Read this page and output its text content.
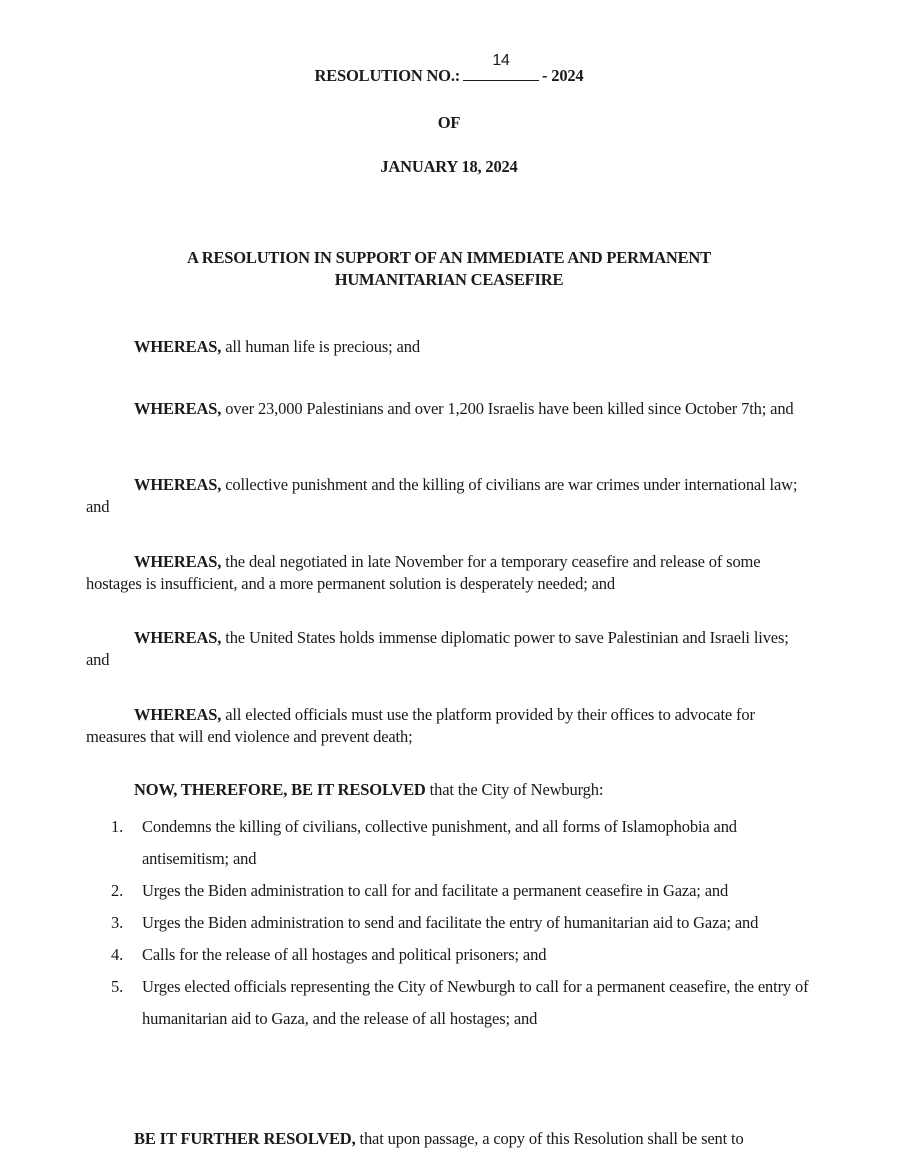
RESOLUTION NO.:
14
- 2024
OF
JANUARY 18, 2024
A RESOLUTION IN SUPPORT OF AN IMMEDIATE AND PERMANENT
HUMANITARIAN CEASEFIRE
WHEREAS, all human life is precious; and
WHEREAS, over 23,000 Palestinians and over 1,200 Israelis have been killed since October 7th; and
WHEREAS, collective punishment and the killing of civilians are war crimes under international law; and
WHEREAS, the deal negotiated in late November for a temporary ceasefire and release of some hostages is insufficient, and a more permanent solution is desperately needed; and
WHEREAS, the United States holds immense diplomatic power to save Palestinian and Israeli lives; and
WHEREAS, all elected officials must use the platform provided by their offices to advocate for measures that will end violence and prevent death;
NOW, THEREFORE, BE IT RESOLVED that the City of Newburgh:
1. Condemns the killing of civilians, collective punishment, and all forms of Islamophobia and antisemitism; and
2. Urges the Biden administration to call for and facilitate a permanent ceasefire in Gaza; and
3. Urges the Biden administration to send and facilitate the entry of humanitarian aid to Gaza; and
4. Calls for the release of all hostages and political prisoners; and
5. Urges elected officials representing the City of Newburgh to call for a permanent ceasefire, the entry of humanitarian aid to Gaza, and the release of all hostages; and
BE IT FURTHER RESOLVED, that upon passage, a copy of this Resolution shall be sent to
